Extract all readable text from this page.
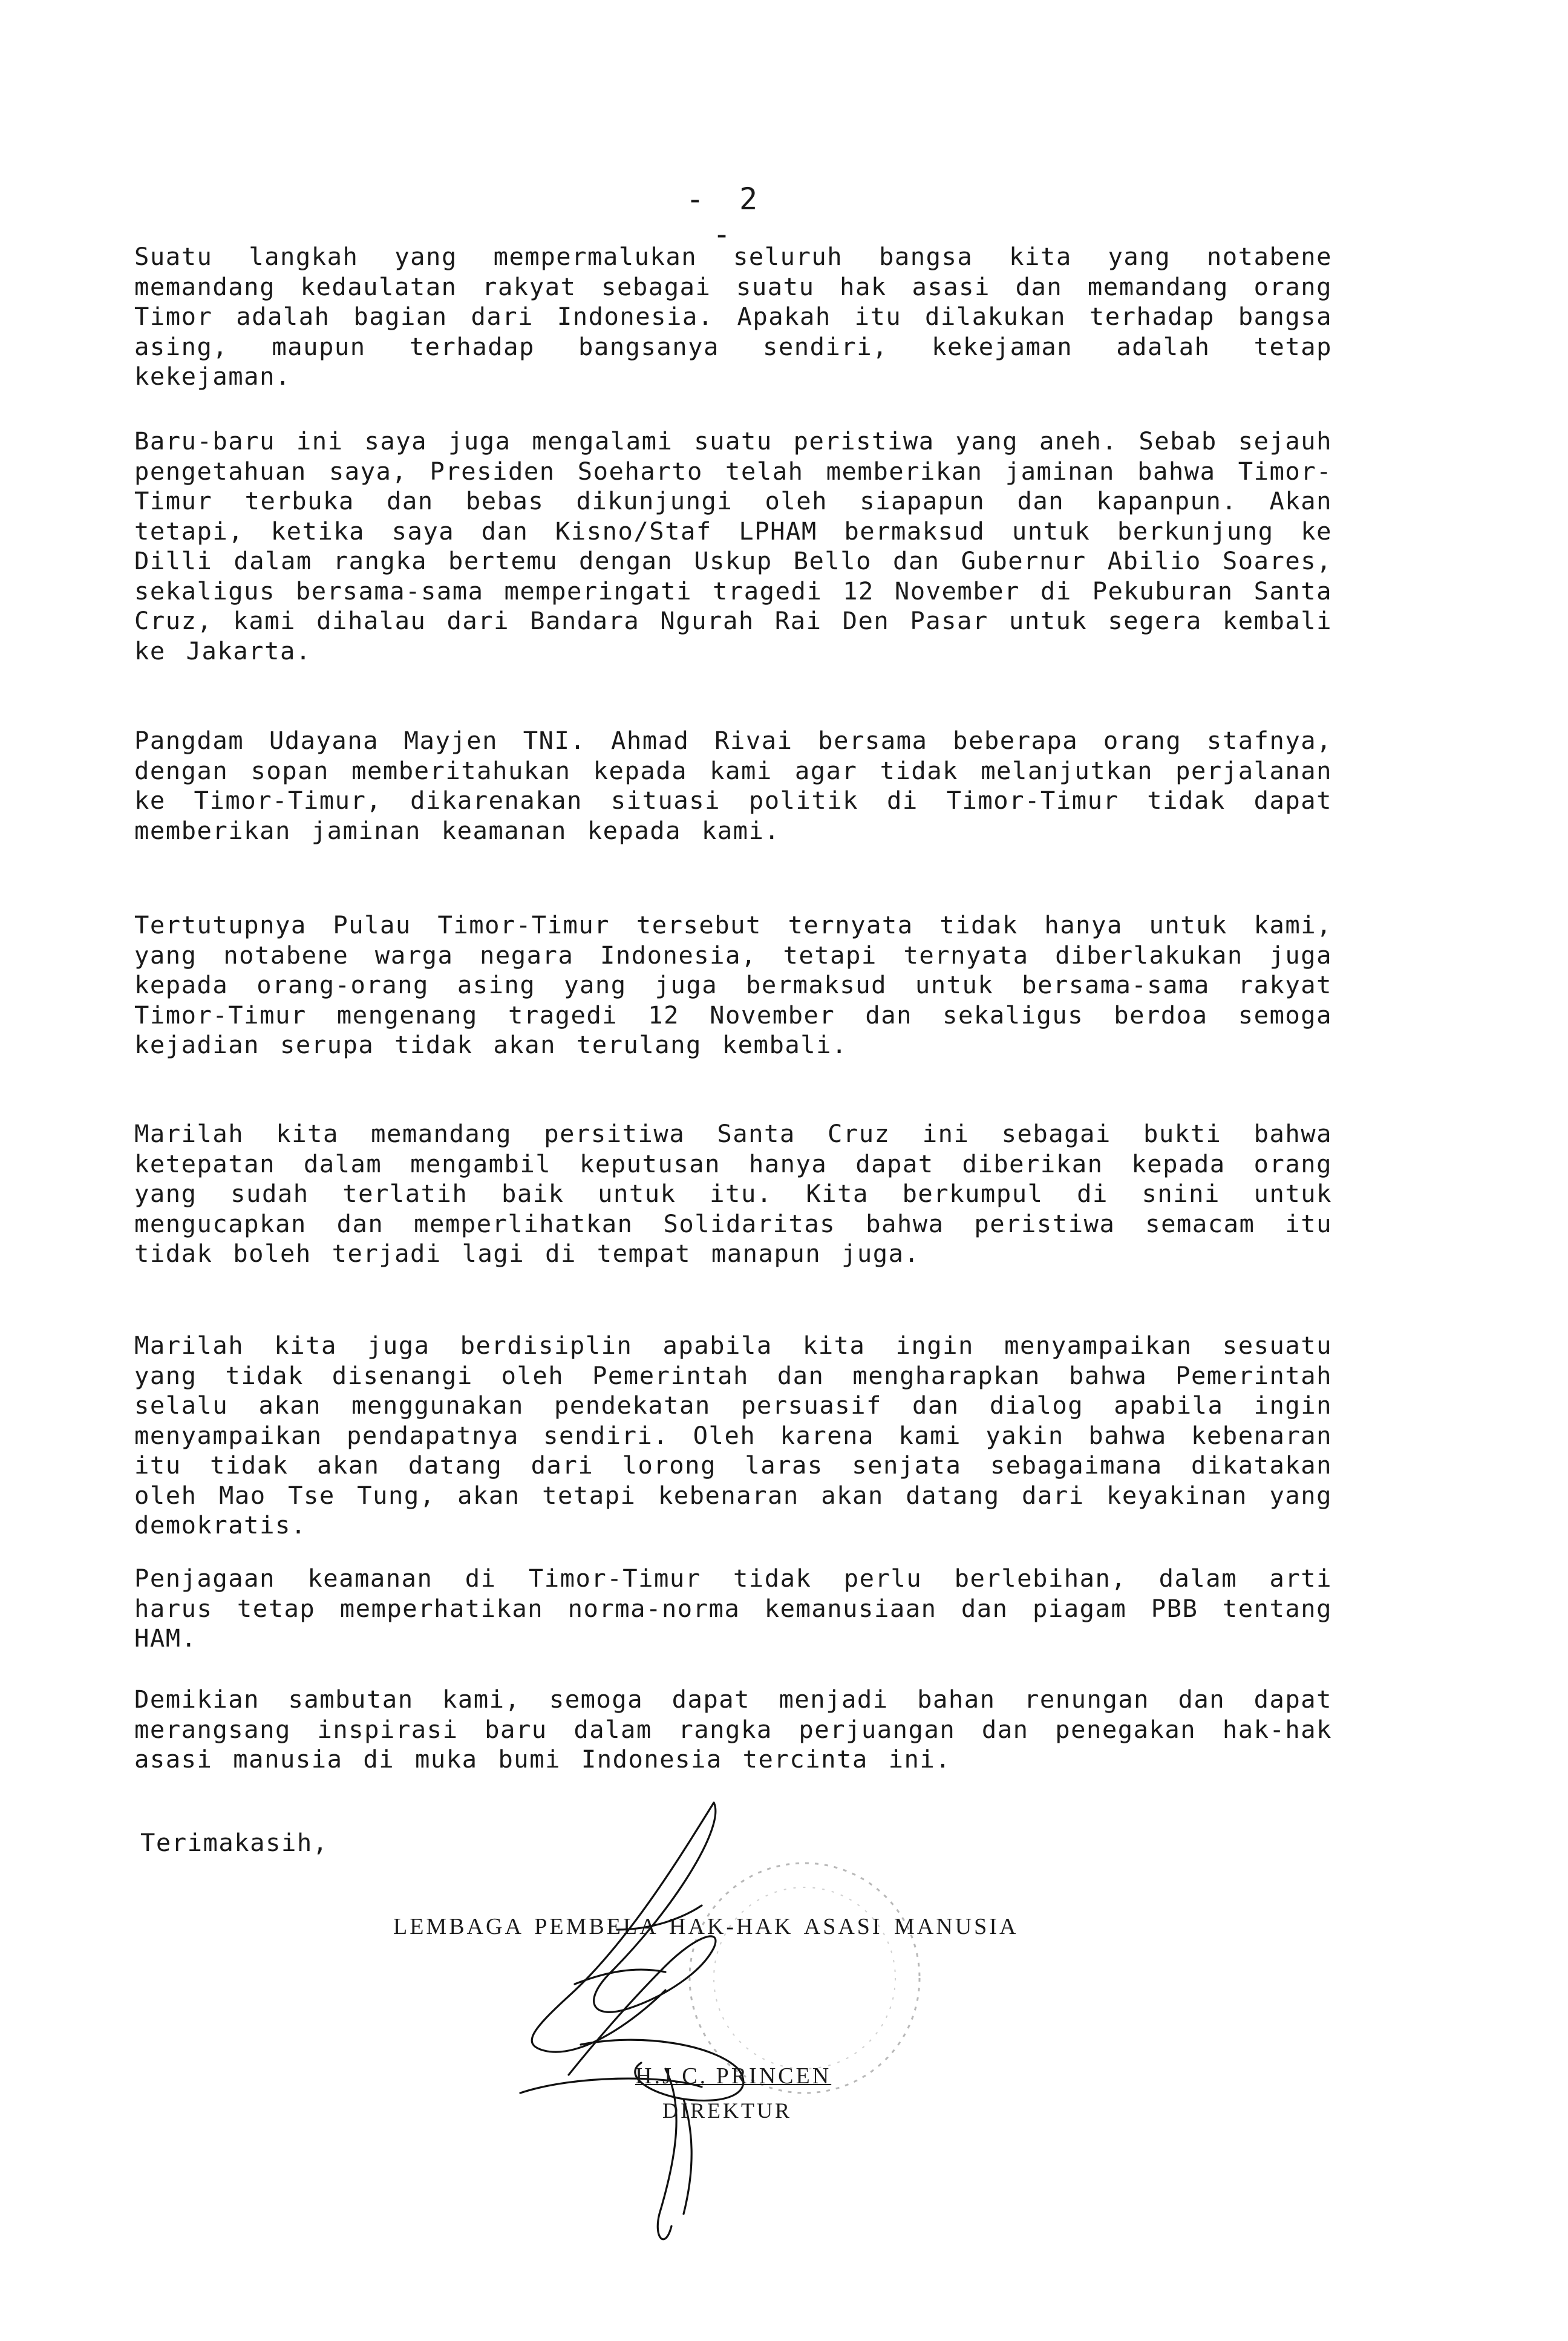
- 2 -

Suatu langkah yang mempermalukan seluruh bangsa kita yang notabene memandang kedaulatan rakyat sebagai suatu hak asasi dan memandang orang Timor adalah bagian dari Indonesia. Apakah itu dilakukan terhadap bangsa asing, maupun terhadap bangsanya sendiri, kekejaman adalah tetap kekejaman.

Baru-baru ini saya juga mengalami suatu peristiwa yang aneh. Sebab sejauh pengetahuan saya, Presiden Soeharto telah memberikan jaminan bahwa Timor-Timur terbuka dan bebas dikunjungi oleh siapapun dan kapanpun. Akan tetapi, ketika saya dan Kisno/Staf LPHAM bermaksud untuk berkunjung ke Dilli dalam rangka bertemu dengan Uskup Bello dan Gubernur Abilio Soares, sekaligus bersama-sama memperingati tragedi 12 November di Pekuburan Santa Cruz, kami dihalau dari Bandara Ngurah Rai Den Pasar untuk segera kembali ke Jakarta.

Pangdam Udayana Mayjen TNI. Ahmad Rivai bersama beberapa orang stafnya, dengan sopan memberitahukan kepada kami agar tidak melanjutkan perjalanan ke Timor-Timur, dikarenakan situasi politik di Timor-Timur tidak dapat memberikan jaminan keamanan kepada kami.

Tertutupnya Pulau Timor-Timur tersebut ternyata tidak hanya untuk kami, yang notabene warga negara Indonesia, tetapi ternyata diberlakukan juga kepada orang-orang asing yang juga bermaksud untuk bersama-sama rakyat Timor-Timur mengenang tragedi 12 November dan sekaligus berdoa semoga kejadian serupa tidak akan terulang kembali.

Marilah kita memandang persitiwa Santa Cruz ini sebagai bukti bahwa ketepatan dalam mengambil keputusan hanya dapat diberikan kepada orang yang sudah terlatih baik untuk itu. Kita berkumpul di snini untuk mengucapkan dan memperlihatkan Solidaritas bahwa peristiwa semacam itu tidak boleh terjadi lagi di tempat manapun juga.

Marilah kita juga berdisiplin apabila kita ingin menyampaikan sesuatu yang tidak disenangi oleh Pemerintah dan mengharapkan bahwa Pemerintah selalu akan menggunakan pendekatan persuasif dan dialog apabila ingin menyampaikan pendapatnya sendiri. Oleh karena kami yakin bahwa kebenaran itu tidak akan datang dari lorong laras senjata sebagaimana dikatakan oleh Mao Tse Tung, akan tetapi kebenaran akan datang dari keyakinan yang demokratis.

Penjagaan keamanan di Timor-Timur tidak perlu berlebihan, dalam arti harus tetap memperhatikan norma-norma kemanusiaan dan piagam PBB tentang HAM.

Demikian sambutan kami, semoga dapat menjadi bahan renungan dan dapat merangsang inspirasi baru dalam rangka perjuangan dan penegakan hak-hak asasi manusia di muka bumi Indonesia tercinta ini.

Terimakasih,
LEMBAGA PEMBELA HAK-HAK ASASI MANUSIA
H.J.C. PRINCEN
DIREKTUR
